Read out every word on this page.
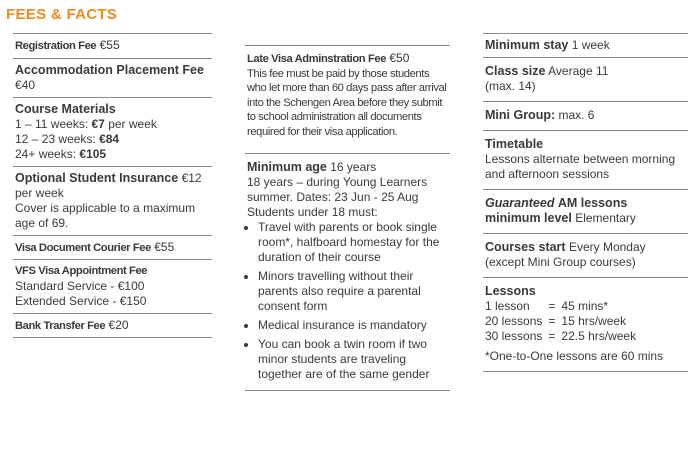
FEES & FACTS
Registration Fee €55
Accommodation Placement Fee €40
Course Materials
1 – 11 weeks: €7 per week
12 – 23 weeks: €84
24+ weeks: €105
Optional Student Insurance €12 per week
Cover is applicable to a maximum age of 69.
Visa Document Courier Fee €55
VFS Visa Appointment Fee
Standard Service - €100
Extended Service - €150
Bank Transfer Fee €20
Late Visa Adminstration Fee €50
This fee must be paid by those students who let more than 60 days pass after arrival into the Schengen Area before they submit to school administration all documents required for their visa application.
Minimum age 16 years
18 years – during Young Learners summer. Dates: 23 Jun - 25 Aug
Students under 18 must:
• Travel with parents or book single room*, halfboard homestay for the duration of their course
• Minors travelling without their parents also require a parental consent form
• Medical insurance is mandatory
• You can book a twin room if two minor students are traveling together are of the same gender
Minimum stay 1 week
Class size Average 11
(max. 14)
Mini Group: max. 6
Timetable
Lessons alternate between morning and afternoon sessions
Guaranteed AM lessons minimum level Elementary
Courses start Every Monday
(except Mini Group courses)
Lessons
1 lesson	=	45 mins*
20 lessons	=	15 hrs/week
30 lessons	=	22.5 hrs/week
*One-to-One lessons are 60 mins
